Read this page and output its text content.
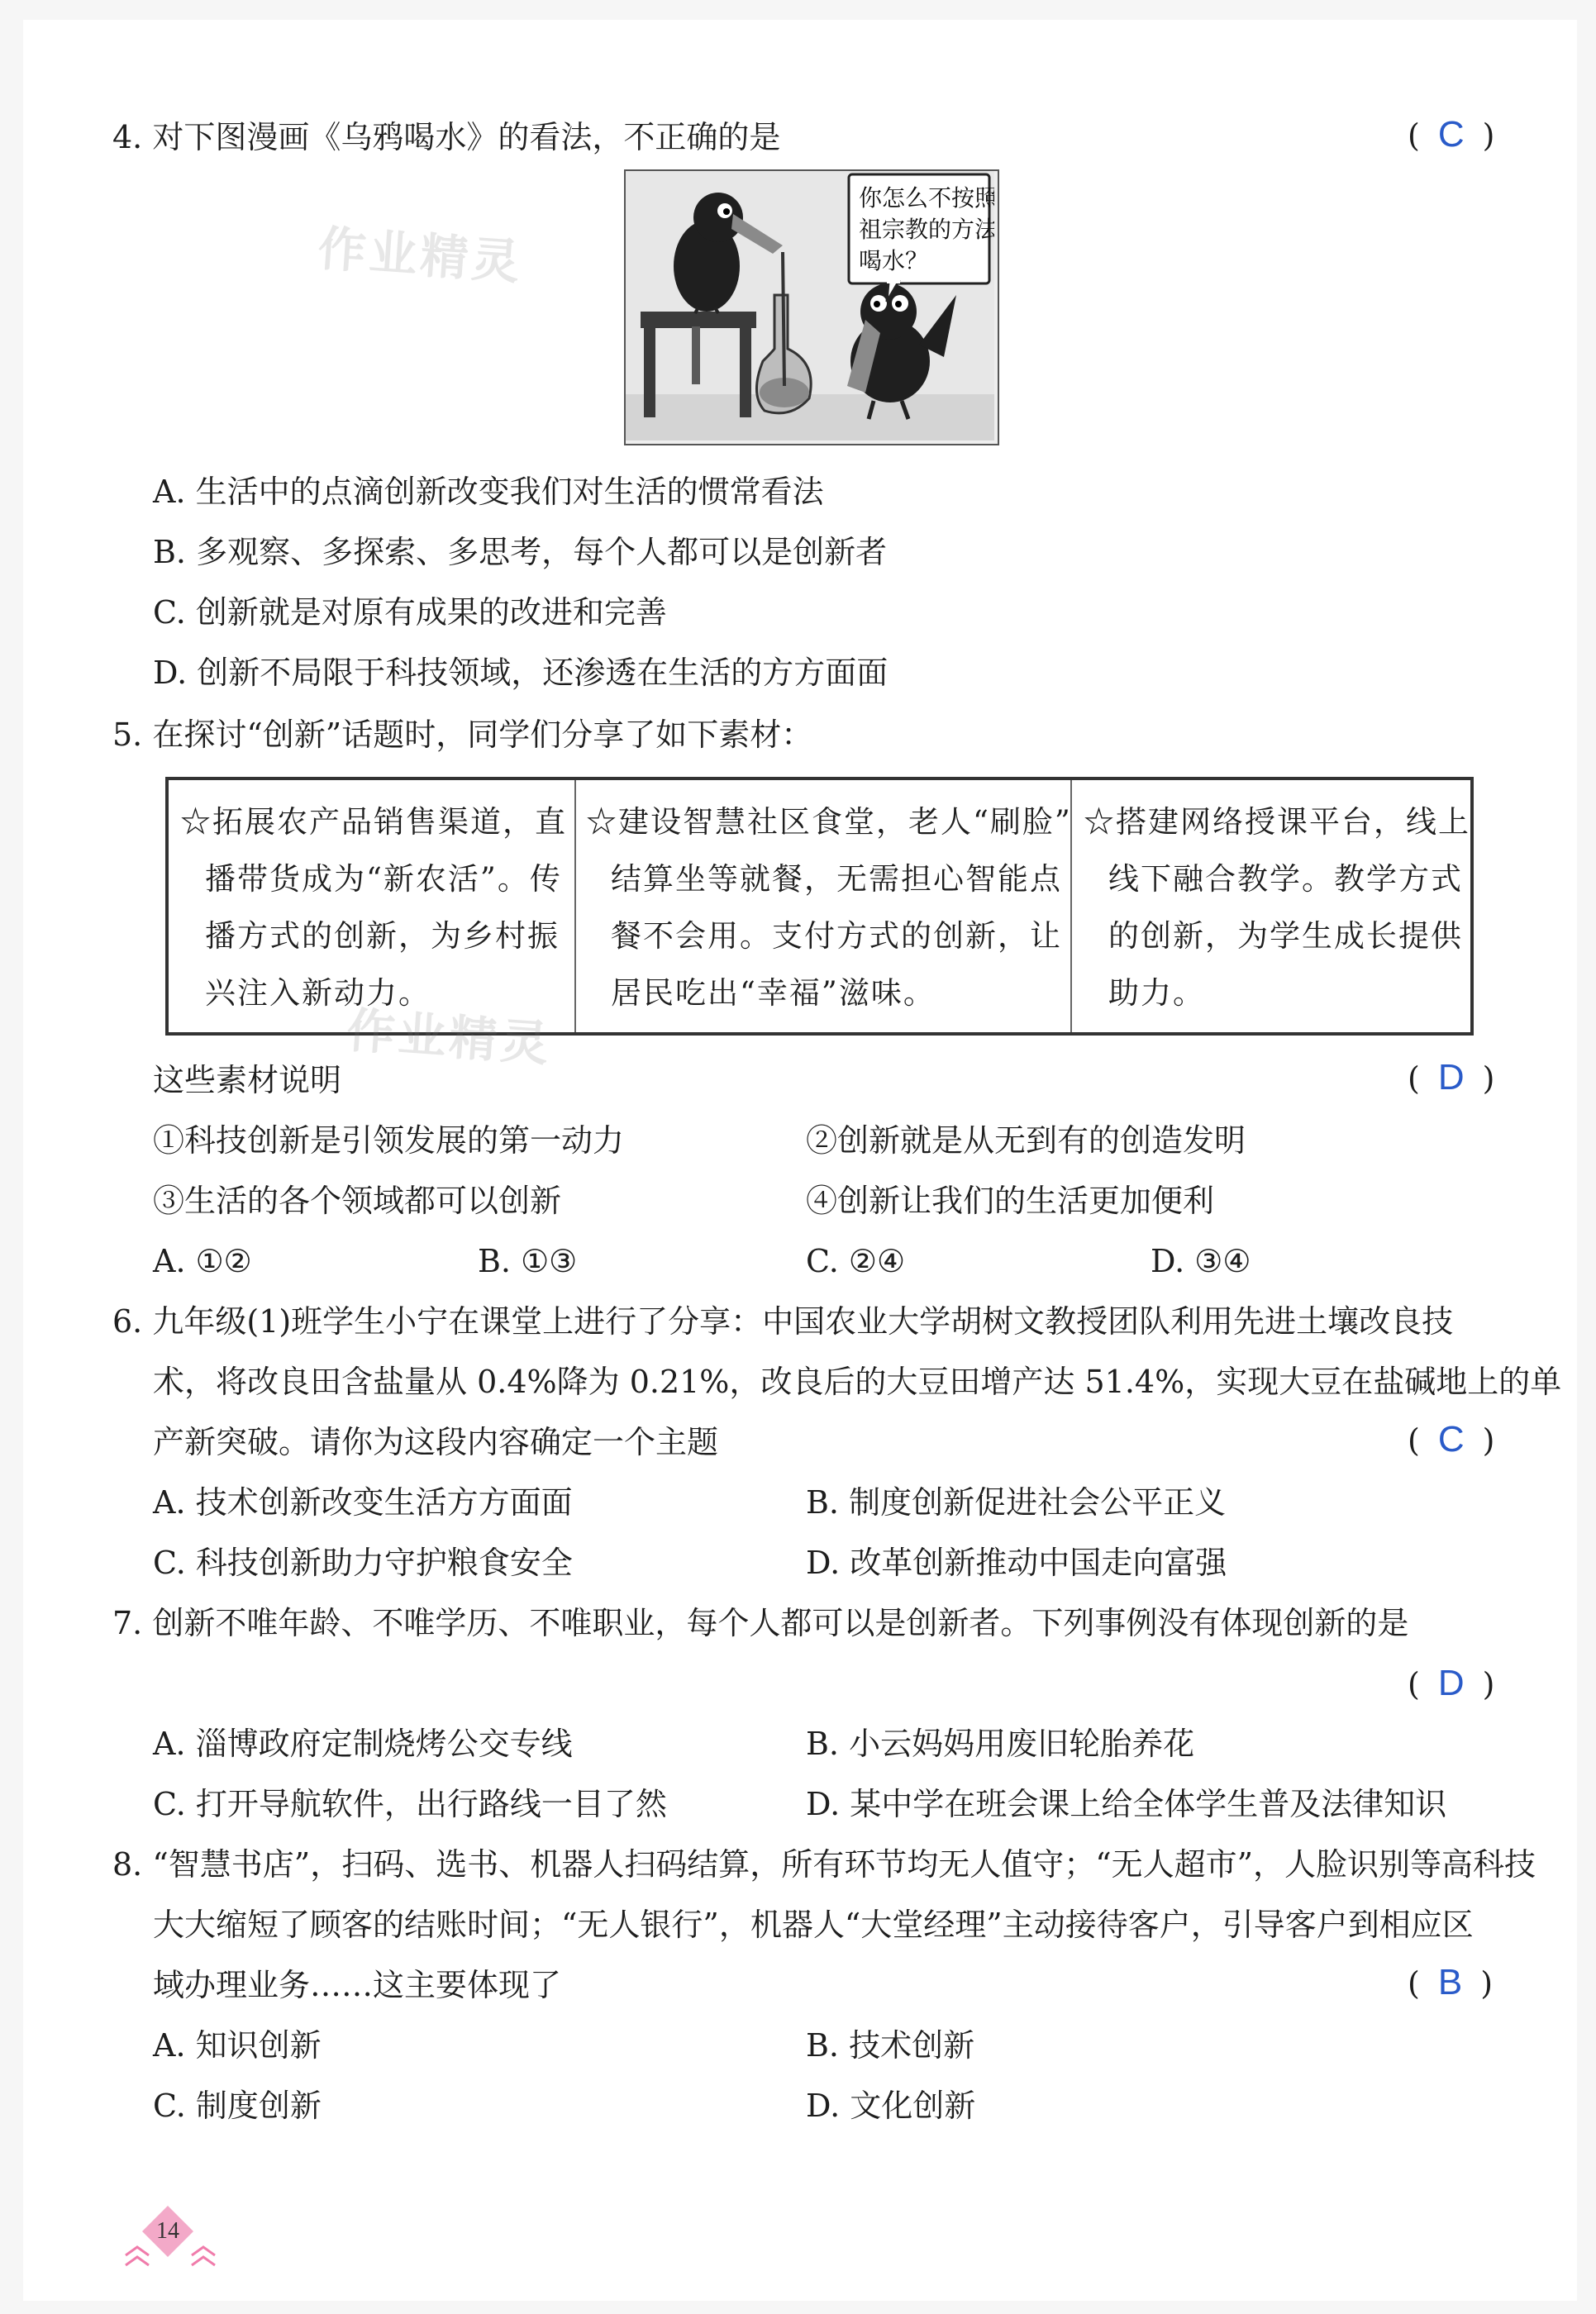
4. 对下图漫画《乌鸦喝水》的看法，不正确的是	( C )
作业精灵
你怎么不按照
祖宗教的方法
喝水？
A. 生活中的点滴创新改变我们对生活的惯常看法
B. 多观察、多探索、多思考，每个人都可以是创新者
C. 创新就是对原有成果的改进和完善
D. 创新不局限于科技领域，还渗透在生活的方方面面
5. 在探讨“创新”话题时，同学们分享了如下素材：
☆拓展农产品销售渠道，直
播带货成为“新农活”。传
播方式的创新，为乡村振
兴注入新动力。
☆建设智慧社区食堂，老人“刷脸”
结算坐等就餐，无需担心智能点
餐不会用。支付方式的创新，让
居民吃出“幸福”滋味。
☆搭建网络授课平台，线上
线下融合教学。教学方式
的创新，为学生成长提供
助力。
作业精灵
这些素材说明	( D )
①科技创新是引领发展的第一动力	②创新就是从无到有的创造发明
③生活的各个领域都可以创新	④创新让我们的生活更加便利
A. ①②	B. ①③	C. ②④	D. ③④
6. 九年级(1)班学生小宁在课堂上进行了分享：中国农业大学胡树文教授团队利用先进土壤改良技
术，将改良田含盐量从 0.4%降为 0.21%，改良后的大豆田增产达 51.4%，实现大豆在盐碱地上的单
产新突破。请你为这段内容确定一个主题	( C )
A. 技术创新改变生活方方面面	B. 制度创新促进社会公平正义
C. 科技创新助力守护粮食安全	D. 改革创新推动中国走向富强
7. 创新不唯年龄、不唯学历、不唯职业，每个人都可以是创新者。下列事例没有体现创新的是
( D )
A. 淄博政府定制烧烤公交专线	B. 小云妈妈用废旧轮胎养花
C. 打开导航软件，出行路线一目了然	D. 某中学在班会课上给全体学生普及法律知识
8. “智慧书店”，扫码、选书、机器人扫码结算，所有环节均无人值守；“无人超市”，人脸识别等高科技
大大缩短了顾客的结账时间；“无人银行”，机器人“大堂经理”主动接待客户，引导客户到相应区
域办理业务……这主要体现了	( B )
A. 知识创新	B. 技术创新
C. 制度创新	D. 文化创新
14
